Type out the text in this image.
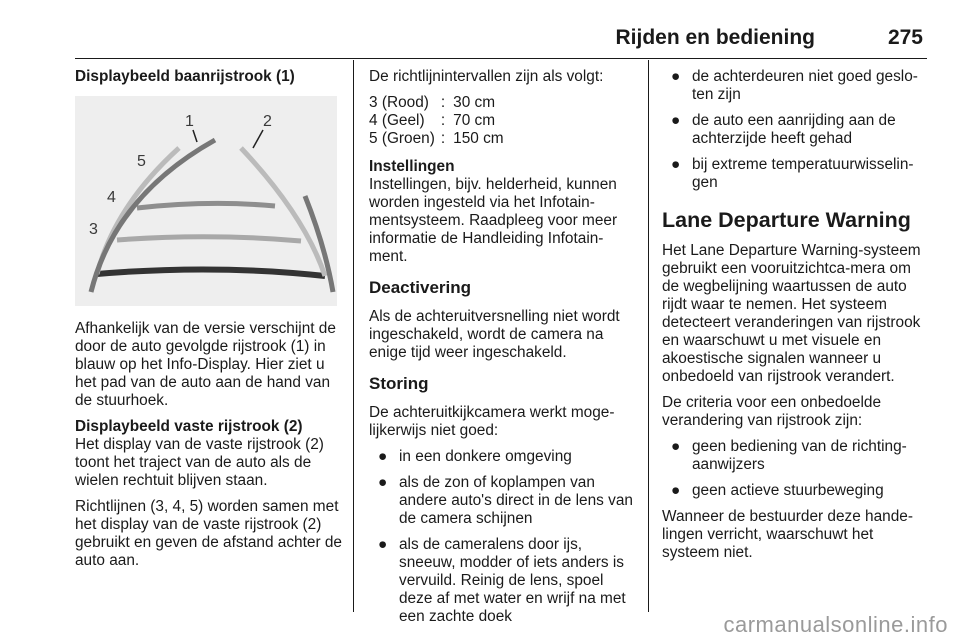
Rijden en bediening	275

Displaybeeld baanrijstrook (1)

1	2
3
4
5

Afhankelijk van de versie verschijnt de door de auto gevolgde rijstrook (1) in blauw op het Info-Display. Hier ziet u het pad van de auto aan de hand van de stuurhoek.

Displaybeeld vaste rijstrook (2)

Het display van de vaste rijstrook (2) toont het traject van de auto als de wielen rechtuit blijven staan.

Richtlijnen (3, 4, 5) worden samen met het display van de vaste rijstrook (2) gebruikt en geven de afstand achter de auto aan.

De richtlijnintervallen zijn als volgt:

3 (Rood)	:	30 cm
4 (Geel)	:	70 cm
5 (Groen)	:	150 cm

Instellingen

Instellingen, bijv. helderheid, kunnen worden ingesteld via het Infotain-mentsysteem. Raadpleeg voor meer informatie de Handleiding Infotain-ment.

Deactivering

Als de achteruitversnelling niet wordt ingeschakeld, wordt de camera na enige tijd weer ingeschakeld.

Storing

De achteruitkijkcamera werkt moge-lijkerwijs niet goed:

● in een donkere omgeving
● als de zon of koplampen van andere auto's direct in de lens van de camera schijnen
● als de cameralens door ijs, sneeuw, modder of iets anders is vervuild. Reinig de lens, spoel deze af met water en wrijf na met een zachte doek
● de achterdeuren niet goed geslo-ten zijn
● de auto een aanrijding aan de achterzijde heeft gehad
● bij extreme temperatuurwisselin-gen
Lane Departure Warning

Het Lane Departure Warning-systeem gebruikt een vooruitzichtca-mera om de wegbelijning waartussen de auto rijdt waar te nemen. Het systeem detecteert veranderingen van rijstrook en waarschuwt u met visuele en akoestische signalen wanneer u onbedoeld van rijstrook verandert.

De criteria voor een onbedoelde verandering van rijstrook zijn:

● geen bediening van de richting-aanwijzers
● geen actieve stuurbeweging

Wanneer de bestuurder deze hande-lingen verricht, waarschuwt het systeem niet.

carmanualsonline.info
